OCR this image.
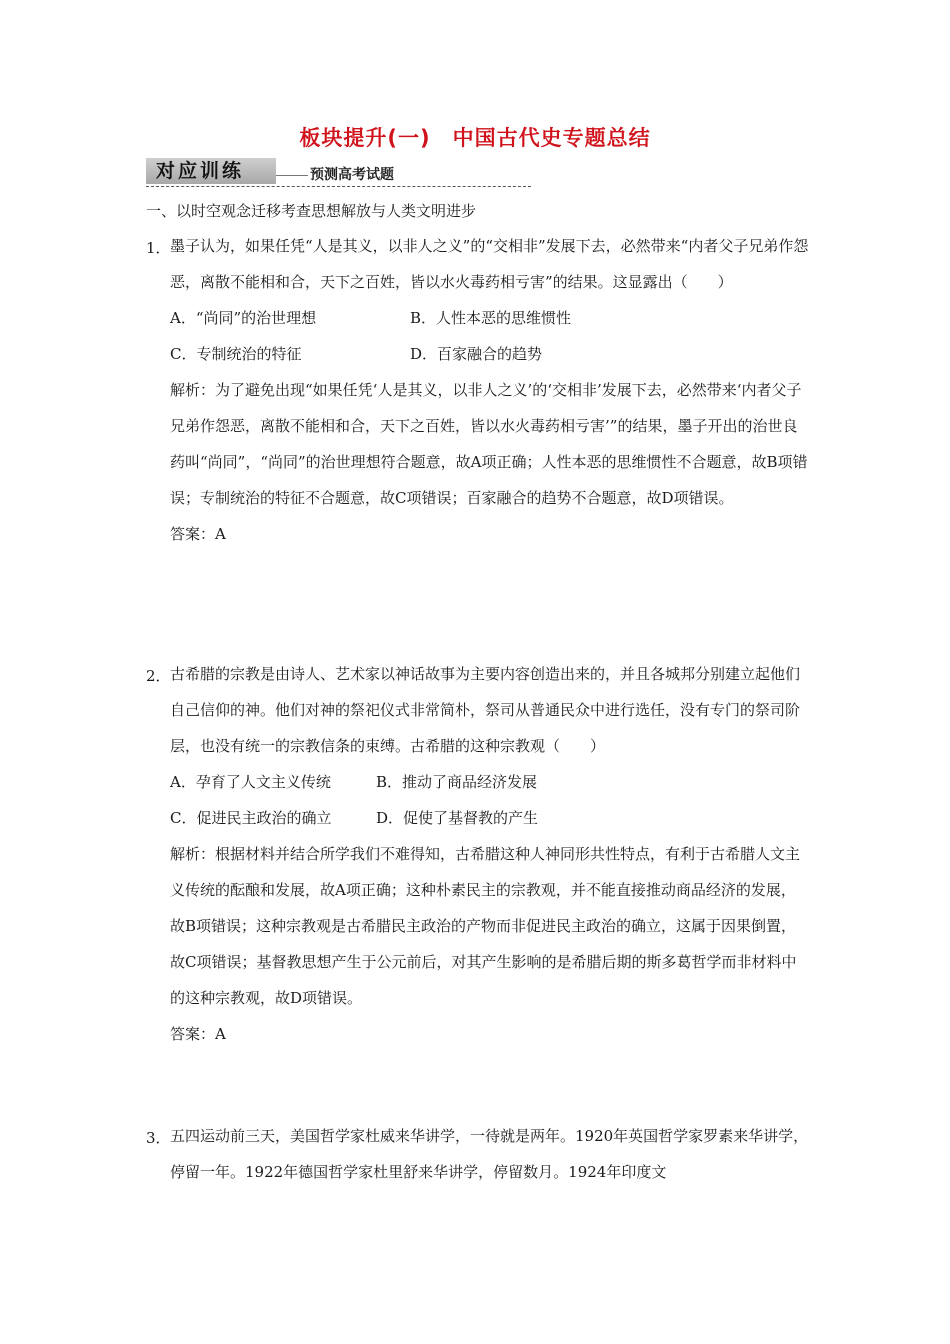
板块提升(一)　中国古代史专题总结
对应训练	预测高考试题
一、以时空观念迁移考查思想解放与人类文明进步
1． 墨子认为，如果任凭“人是其义，以非人之义”的“交相非”发展下去，必然带来“内者父子兄弟作怨恶，离散不能相和合，天下之百姓，皆以水火毒药相亏害”的结果。这显露出（　　）
A．“尚同”的治世理想	B．人性本恶的思维惯性
C．专制统治的特征	D．百家融合的趋势
解析：为了避免出现“如果任凭‘人是其义，以非人之义’的‘交相非’发展下去，必然带来‘内者父子兄弟作怨恶，离散不能相和合，天下之百姓，皆以水火毒药相亏害’”的结果，墨子开出的治世良药叫“尚同”，“尚同”的治世理想符合题意，故A项正确；人性本恶的思维惯性不合题意，故B项错误；专制统治的特征不合题意，故C项错误；百家融合的趋势不合题意，故D项错误。
答案：A
2． 古希腊的宗教是由诗人、艺术家以神话故事为主要内容创造出来的，并且各城邦分别建立起他们自己信仰的神。他们对神的祭祀仪式非常简朴，祭司从普通民众中进行选任，没有专门的祭司阶层，也没有统一的宗教信条的束缚。古希腊的这种宗教观（　　）
A．孕育了人文主义传统	B．推动了商品经济发展
C．促进民主政治的确立	D．促使了基督教的产生
解析：根据材料并结合所学我们不难得知，古希腊这种人神同形共性特点，有利于古希腊人文主义传统的酝酿和发展，故A项正确；这种朴素民主的宗教观，并不能直接推动商品经济的发展，故B项错误；这种宗教观是古希腊民主政治的产物而非促进民主政治的确立，这属于因果倒置，故C项错误；基督教思想产生于公元前后，对其产生影响的是希腊后期的斯多葛哲学而非材料中的这种宗教观，故D项错误。
答案：A
3． 五四运动前三天，美国哲学家杜威来华讲学，一待就是两年。1920年英国哲学家罗素来华讲学，停留一年。1922年德国哲学家杜里舒来华讲学，停留数月。1924年印度文
